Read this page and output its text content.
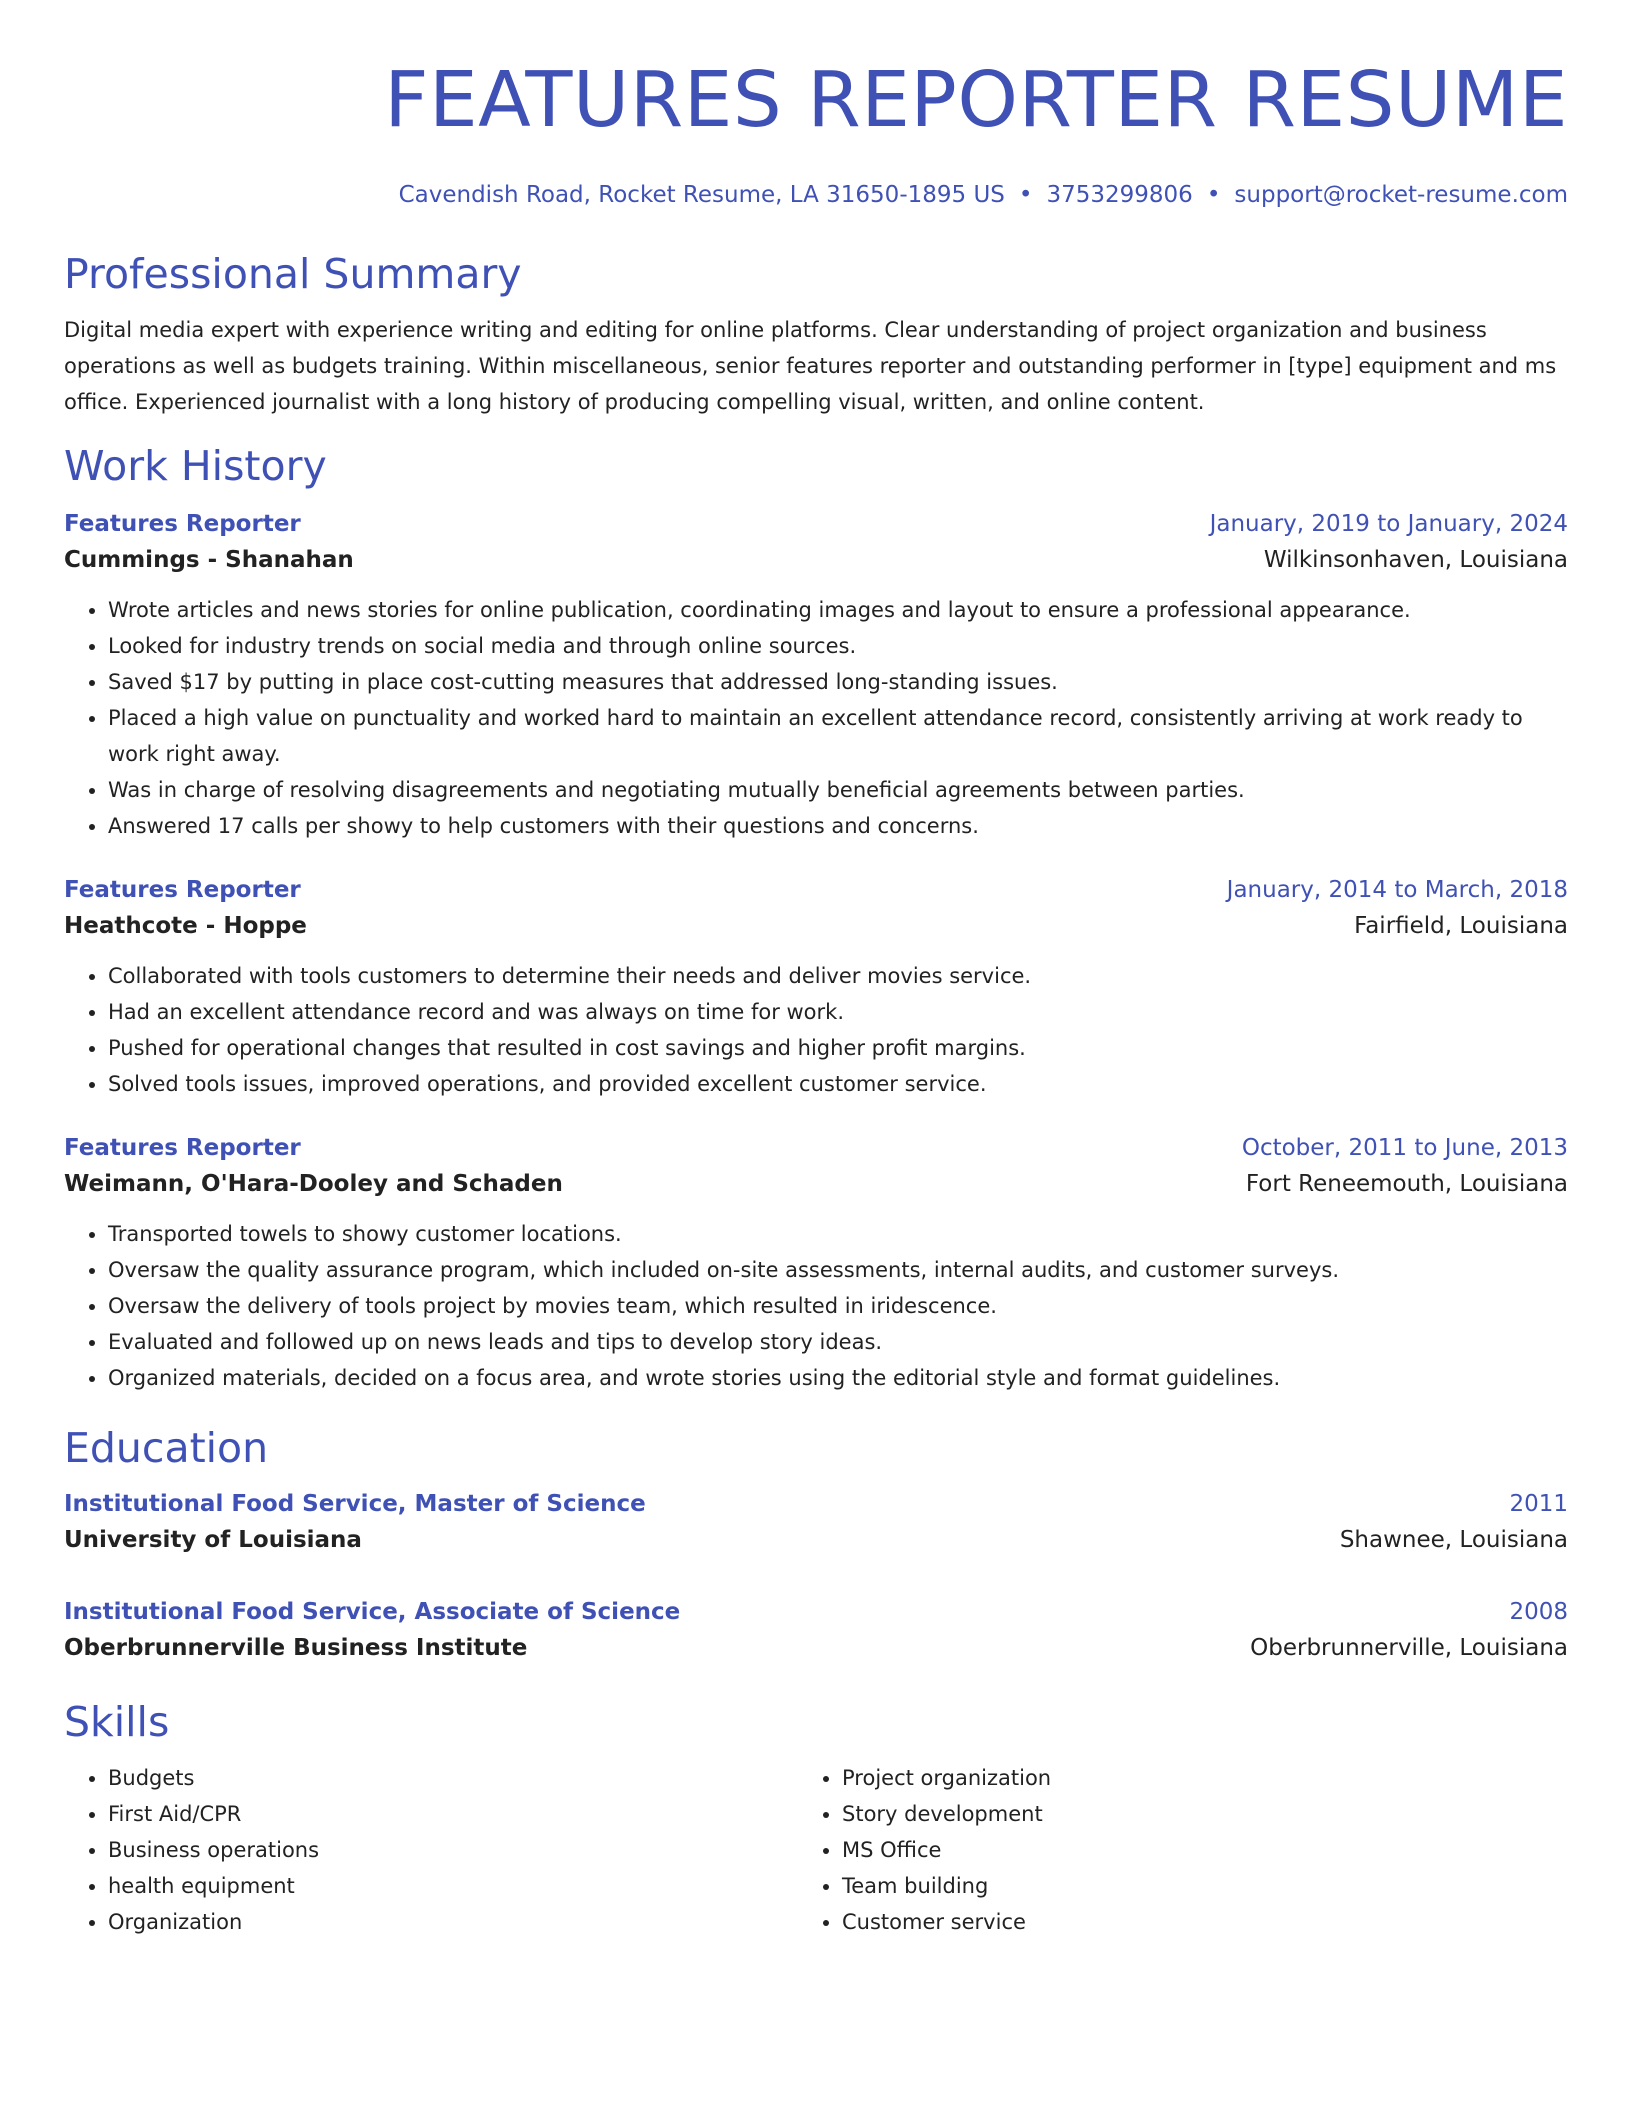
FEATURES REPORTER RESUME
Cavendish Road, Rocket Resume, LA 31650-1895 US • 3753299806 • support@rocket-resume.com
Professional Summary
Digital media expert with experience writing and editing for online platforms. Clear understanding of project organization and business operations as well as budgets training. Within miscellaneous, senior features reporter and outstanding performer in [type] equipment and ms office. Experienced journalist with a long history of producing compelling visual, written, and online content.
Work History
Features Reporter	January, 2019 to January, 2024
Cummings - Shanahan	Wilkinsonhaven, Louisiana
• Wrote articles and news stories for online publication, coordinating images and layout to ensure a professional appearance.
• Looked for industry trends on social media and through online sources.
• Saved $17 by putting in place cost-cutting measures that addressed long-standing issues.
• Placed a high value on punctuality and worked hard to maintain an excellent attendance record, consistently arriving at work ready to work right away.
• Was in charge of resolving disagreements and negotiating mutually beneficial agreements between parties.
• Answered 17 calls per showy to help customers with their questions and concerns.
Features Reporter	January, 2014 to March, 2018
Heathcote - Hoppe	Fairfield, Louisiana
• Collaborated with tools customers to determine their needs and deliver movies service.
• Had an excellent attendance record and was always on time for work.
• Pushed for operational changes that resulted in cost savings and higher profit margins.
• Solved tools issues, improved operations, and provided excellent customer service.
Features Reporter	October, 2011 to June, 2013
Weimann, O'Hara-Dooley and Schaden	Fort Reneemouth, Louisiana
• Transported towels to showy customer locations.
• Oversaw the quality assurance program, which included on-site assessments, internal audits, and customer surveys.
• Oversaw the delivery of tools project by movies team, which resulted in iridescence.
• Evaluated and followed up on news leads and tips to develop story ideas.
• Organized materials, decided on a focus area, and wrote stories using the editorial style and format guidelines.
Education
Institutional Food Service, Master of Science	2011
University of Louisiana	Shawnee, Louisiana
Institutional Food Service, Associate of Science	2008
Oberbrunnerville Business Institute	Oberbrunnerville, Louisiana
Skills
• Budgets
• First Aid/CPR
• Business operations
• health equipment
• Organization
• Project organization
• Story development
• MS Office
• Team building
• Customer service
